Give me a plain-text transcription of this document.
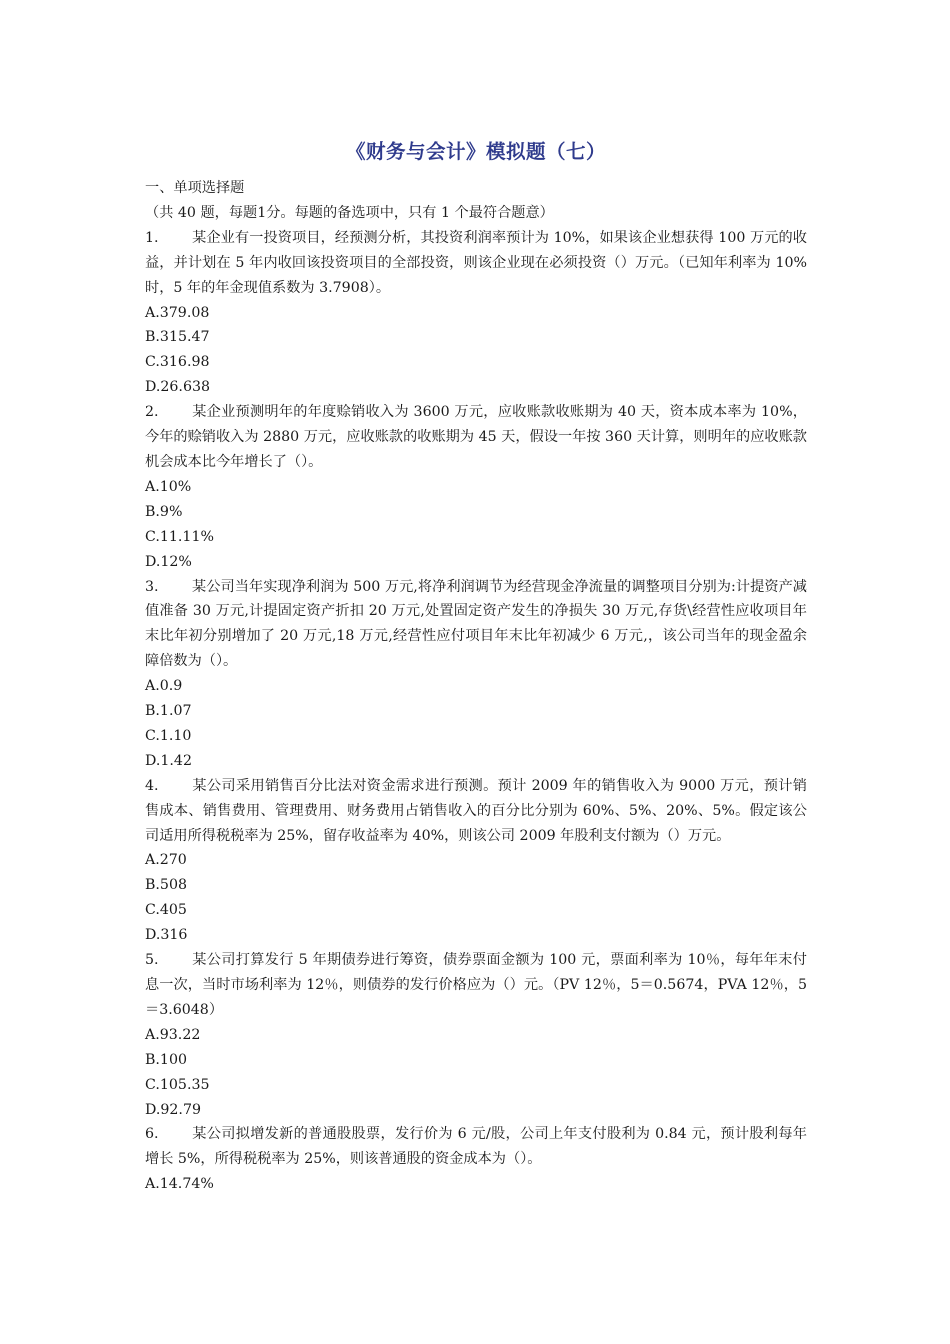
《财务与会计》模拟题（七）
一、单项选择题
（共 40 题，每题1分。每题的备选项中，只有 1 个最符合题意）
1. 某企业有一投资项目，经预测分析，其投资利润率预计为 10%，如果该企业想获得 100 万元的收益，并计划在 5 年内收回该投资项目的全部投资，则该企业现在必须投资（）万元。（已知年利率为 10%时，5 年的年金现值系数为 3.7908）。
A.379.08
B.315.47
C.316.98
D.26.638
2. 某企业预测明年的年度赊销收入为 3600 万元，应收账款收账期为 40 天，资本成本率为 10%，今年的赊销收入为 2880 万元，应收账款的收账期为 45 天，假设一年按 360 天计算，则明年的应收账款机会成本比今年增长了（）。
A.10%
B.9%
C.11.11%
D.12%
3. 某公司当年实现净利润为 500 万元,将净利润调节为经营现金净流量的调整项目分别为:计提资产减值准备 30 万元,计提固定资产折扣 20 万元,处置固定资产发生的净损失 30 万元,存货\经营性应收项目年末比年初分别增加了 20 万元,18 万元,经营性应付项目年末比年初减少 6 万元,，该公司当年的现金盈余障倍数为（）。
A.0.9
B.1.07
C.1.10
D.1.42
4. 某公司采用销售百分比法对资金需求进行预测。预计 2009 年的销售收入为 9000 万元，预计销售成本、销售费用、管理费用、财务费用占销售收入的百分比分别为 60%、5%、20%、5%。假定该公司适用所得税税率为 25%，留存收益率为 40%，则该公司 2009 年股利支付额为（）万元。
A.270
B.508
C.405
D.316
5. 某公司打算发行 5 年期债券进行筹资，债券票面金额为 100 元，票面利率为 10％，每年年末付息一次，当时市场利率为 12％，则债券的发行价格应为（）元。（PV 12％，5＝0.5674，PVA 12％，5＝3.6048）
A.93.22
B.100
C.105.35
D.92.79
6. 某公司拟增发新的普通股股票，发行价为 6 元/股，公司上年支付股利为 0.84 元，预计股利每年增长 5%，所得税税率为 25%，则该普通股的资金成本为（）。
A.14.74%
